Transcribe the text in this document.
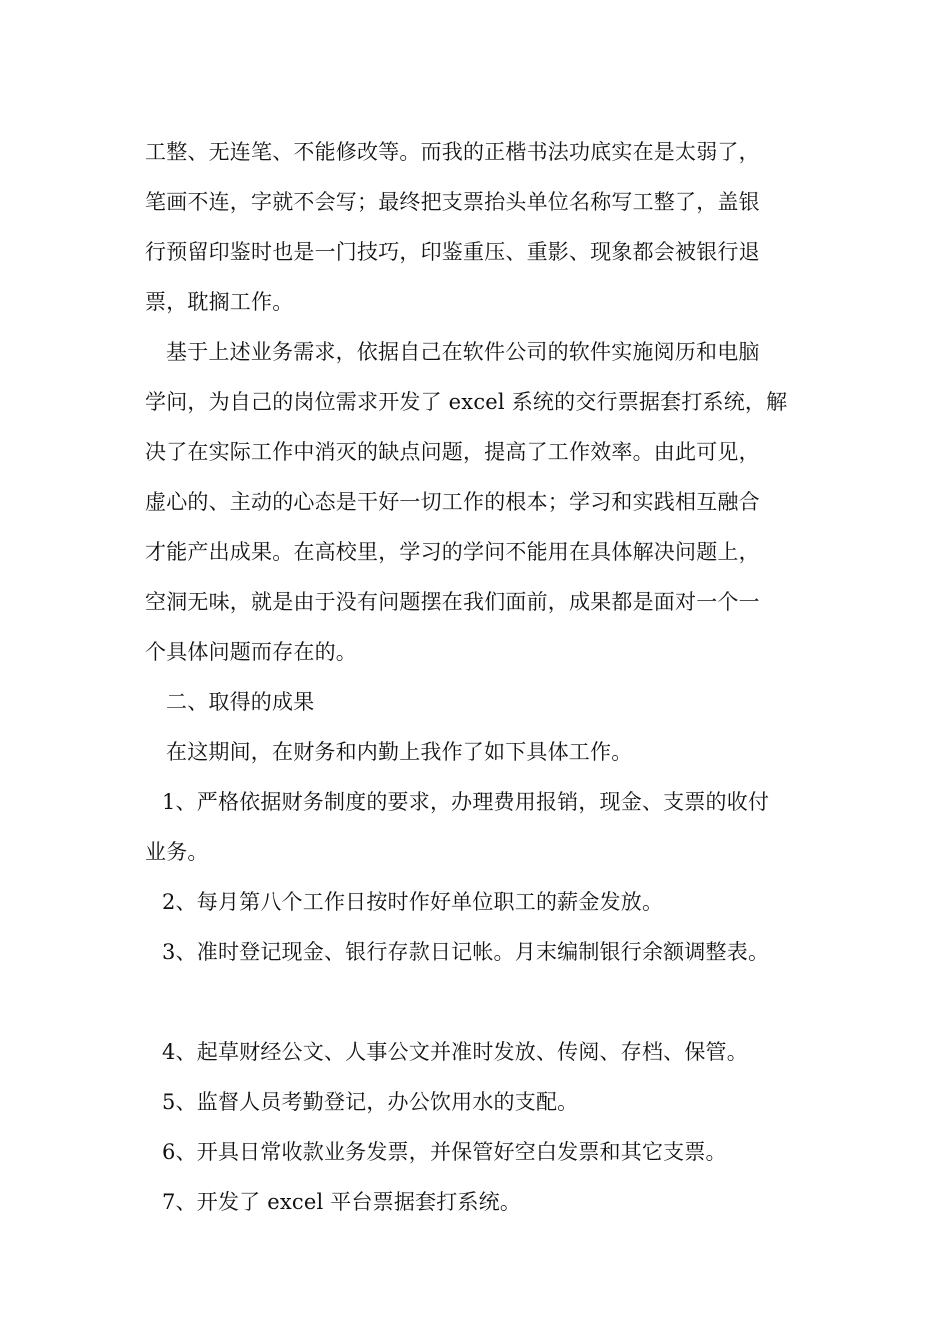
工整、无连笔、不能修改等。而我的正楷书法功底实在是太弱了，
笔画不连，字就不会写；最终把支票抬头单位名称写工整了，盖银
行预留印鉴时也是一门技巧，印鉴重压、重影、现象都会被银行退
票，耽搁工作。
基于上述业务需求，依据自己在软件公司的软件实施阅历和电脑
学问，为自己的岗位需求开发了 excel 系统的交行票据套打系统，解
决了在实际工作中消灭的缺点问题，提高了工作效率。由此可见，
虚心的、主动的心态是干好一切工作的根本；学习和实践相互融合
才能产出成果。在高校里，学习的学问不能用在具体解决问题上，
空洞无味，就是由于没有问题摆在我们面前，成果都是面对一个一
个具体问题而存在的。
二、取得的成果
在这期间，在财务和内勤上我作了如下具体工作。
1、严格依据财务制度的要求，办理费用报销，现金、支票的收付
业务。
2、每月第八个工作日按时作好单位职工的薪金发放。
3、准时登记现金、银行存款日记帐。月末编制银行余额调整表。
4、起草财经公文、人事公文并准时发放、传阅、存档、保管。
5、监督人员考勤登记，办公饮用水的支配。
6、开具日常收款业务发票，并保管好空白发票和其它支票。
7、开发了 excel 平台票据套打系统。
